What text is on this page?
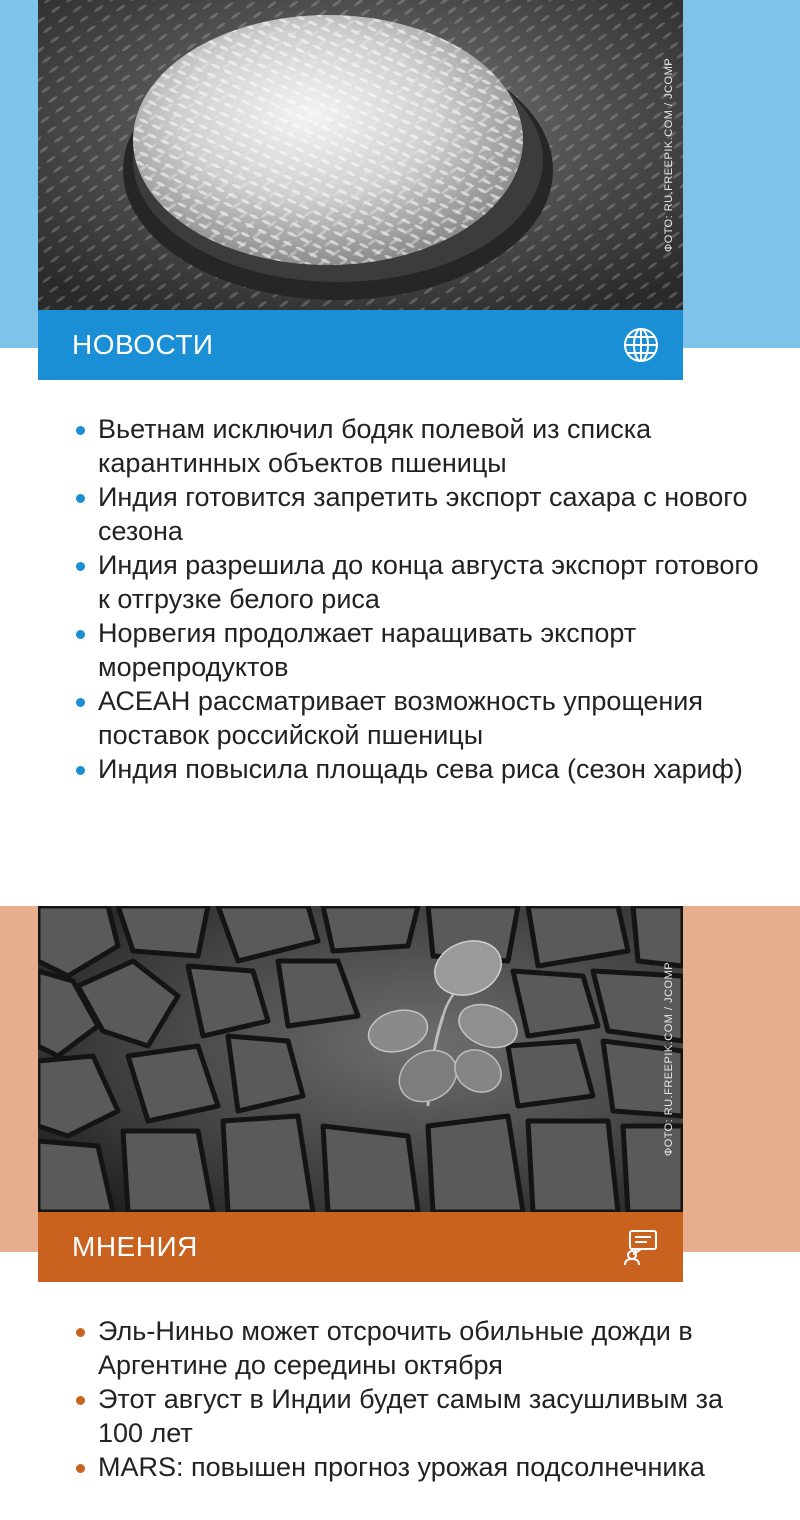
ФОТО: RU.FREEPIK.COM / JCOMP
НОВОСТИ
Вьетнам исключил бодяк полевой из списка карантинных объектов пшеницы
Индия готовится запретить экспорт сахара с нового сезона
Индия разрешила до конца августа экспорт готового к отгрузке белого риса
Норвегия продолжает наращивать экспорт морепродуктов
АСЕАН рассматривает возможность упрощения поставок российской пшеницы
Индия повысила площадь сева риса (сезон хариф)
ФОТО: RU.FREEPIK.COM / JCOMP
МНЕНИЯ
Эль-Ниньо может отсрочить обильные дожди в Аргентине до середины октября
Этот август в Индии будет самым засушливым за 100 лет
MARS: повышен прогноз урожая подсолнечника
